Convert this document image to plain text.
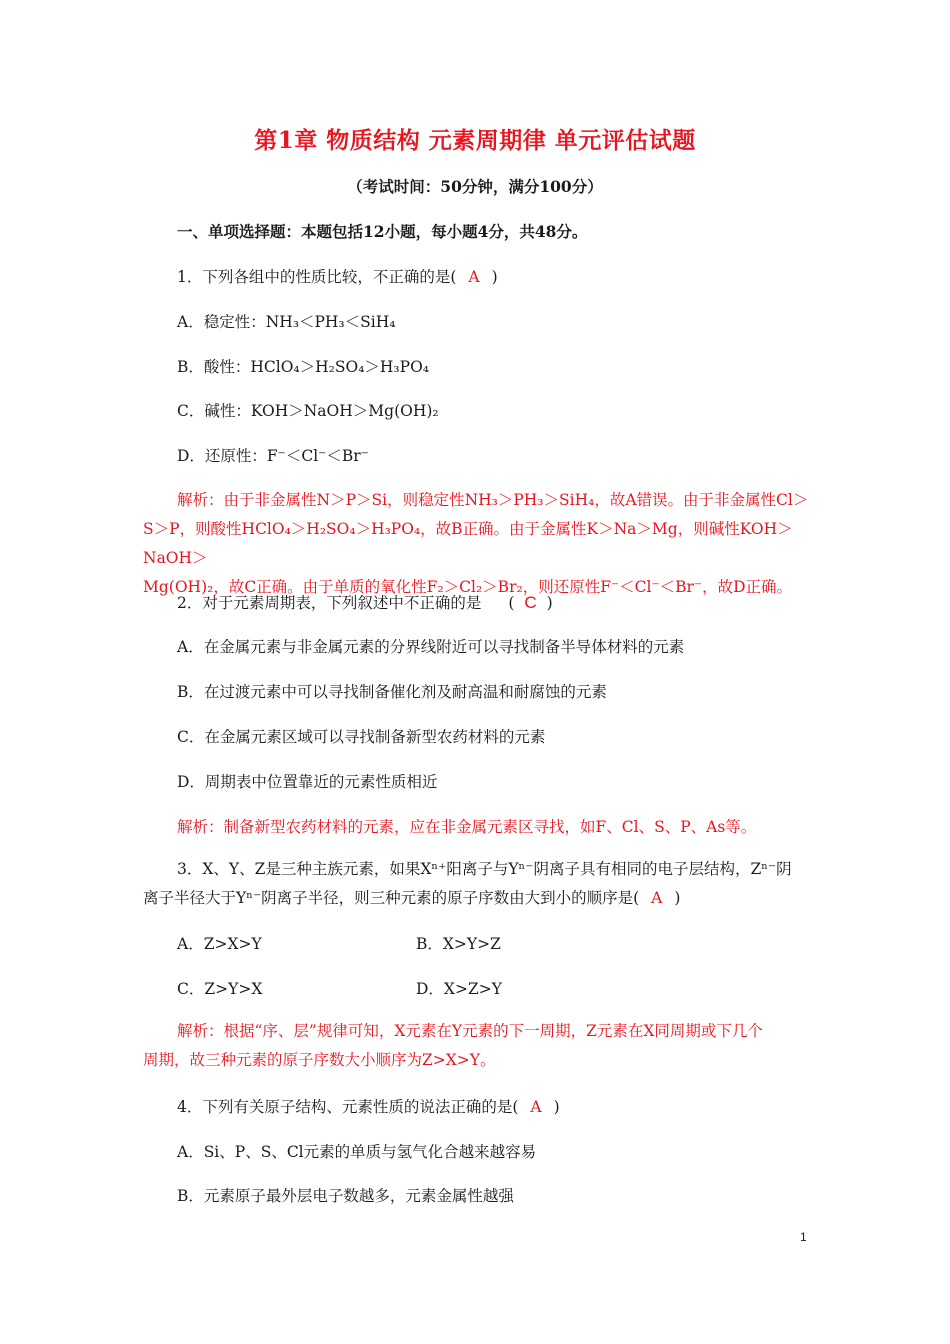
第1章 物质结构 元素周期律 单元评估试题
（考试时间：50分钟，满分100分）
一、单项选择题：本题包括12小题，每小题4分，共48分。
1．下列各组中的性质比较，不正确的是( A )
A．稳定性：NH₃＜PH₃＜SiH₄
B．酸性：HClO₄＞H₂SO₄＞H₃PO₄
C．碱性：KOH＞NaOH＞Mg(OH)₂
D．还原性：F⁻＜Cl⁻＜Br⁻
解析：由于非金属性N＞P＞Si，则稳定性NH₃＞PH₃＞SiH₄，故A错误。由于非金属性Cl＞
S＞P，则酸性HClO₄＞H₂SO₄＞H₃PO₄，故B正确。由于金属性K＞Na＞Mg，则碱性KOH＞NaOH＞
Mg(OH)₂，故C正确。由于单质的氧化性F₂＞Cl₂＞Br₂，则还原性F⁻＜Cl⁻＜Br⁻，故D正确。
2．对于元素周期表，下列叙述中不正确的是 ( C )
A．在金属元素与非金属元素的分界线附近可以寻找制备半导体材料的元素
B．在过渡元素中可以寻找制备催化剂及耐高温和耐腐蚀的元素
C．在金属元素区域可以寻找制备新型农药材料的元素
D．周期表中位置靠近的元素性质相近
解析：制备新型农药材料的元素，应在非金属元素区寻找，如F、Cl、S、P、As等。
3．X、Y、Z是三种主族元素，如果Xⁿ⁺阳离子与Yⁿ⁻阴离子具有相同的电子层结构，Zⁿ⁻阴
离子半径大于Yⁿ⁻阴离子半径，则三种元素的原子序数由大到小的顺序是( A )
A．Z>X>Y	B．X>Y>Z
C．Z>Y>X	D．X>Z>Y
解析：根据“序、层”规律可知，X元素在Y元素的下一周期，Z元素在X同周期或下几个
周期，故三种元素的原子序数大小顺序为Z>X>Y。
4．下列有关原子结构、元素性质的说法正确的是( A )
A．Si、P、S、Cl元素的单质与氢气化合越来越容易
B．元素原子最外层电子数越多，元素金属性越强
1
